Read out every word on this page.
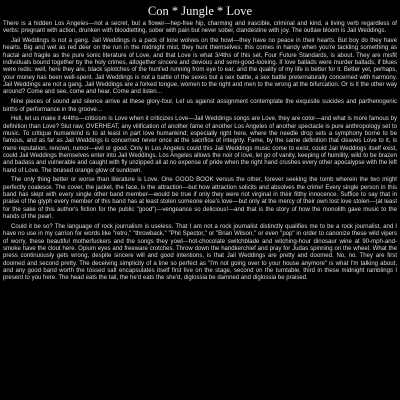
Con * Jungle * Love

There is a hidden Los Angeles—not a secret, but a flower—hep-free hip, charming and irascible, criminal and kind, a living verb regardless of verbs: pregnant with action, drunken with bloodletting, sober with pain but never sober, clandestine with joy. The outlaw bloom is Jail Weddings.

Jail Weddings is not a gang. Jail Weddings is a pack of lone wolves on the howl—they have no peace in their hearts. But boy do they have hearts. Big and wet as red deer on the run in the midnight mist, they hunt themselves; this comes in handy when you're tackling something as fractal and fragile as the pure sonic literature of Love, and that Love is what 3/4ths of this set, Four Future Standards, is about. They are misfit individuals bound together by the holy crimes, altogether sincere and devious and semi-good-looking. If love ballads were murder ballads, if blues were redis: well, here they are, black splotches of the hunt'ed running from eye to ear, and the quality of my life is better for it. Better yet, perhaps, your money has been well-spent. Jail Weddings is not a battle of the sexes but a sex battle, a sex battle preternaturally concerned with harmony. Jail Weddings are not a gang. Jail Weddings are a forked tongue, women to the right and men to the wrong at the bifurcation. Or is it the other way around? Come and see, come and hear. Come and listen…

Nine pieces of sound and silence arrive at these glory-four. Let us against assignment contemplate the exquisite suicides and parthenogenic births of performance in the groove…

Hell, let us make it 4/4ths—criticism is Love when it criticizes Love—Jail Weddings songs are Love, they are color—and what is more famous by definition than Love? Slut raw, OVERHEAT, any vilification of another fame of another Los Angeles of another spectacle is pure anthropology set to music. To critique humankind is to at least in part love humankind; especially right here, where the needle drop sets a symphony borne to be famous, and as far as Jail Weddings is concerned never once at the sacrifice of integrity. Fame, by the same definition that cleaves Love to it, is mere reputation, renown, rumor—evil or good. Only in Los Angeles could this Jail Weddings music come to exist, could Jail Weddings itself exist, could Jail Weddings themselves enter into Jail Weddings. Los Angeles allows the noir of love, let go of vanity, keeping of humility, wild to be brazen and badass and vulnerable and caught with fly unzipped all at no expense of pride when the right hand crushes every other apocalypse with the left hand of Love. The bruised orange glow of sundown.

The only thing better or worse than literature is Love. One GOOD BOOK versus the other, forever seeking the tomb wherein the two might perfectly coalesce. The cover, the jacket, the face, is the attraction—but how attraction solicits and absolves the crime! Every single person in this band has slept with every single other band member—would be true if only they were not virginal in their filthy innocence. Suffice to say that in praise of the glyph every member of this band has at least stolen someone else's love—but only at the mercy of their own lost love stolen—(at least for the sake of this author's fiction for the public "good")—vengeance so delicious!—and that is the story of how the monolith gave music to the hands of the pearl.

Could it be so? The language of rock journalism is useless. That I am not a rock journalist distinctly qualifies me to be a rock journalist, and I have no use in my carrion for words like "retro," "throwback," "Phil Spector," or "Brian Wilson," or even "pop" in order to canonize these wild vipers of worry, these beautiful motherfuckers and the songs they yowl—hot-chocolate switchblade and witching-hour dinosaur wine at 90-mph-and-smoke have the clout here. Opium eyes and freeware crotches. Throw down the handkerchief and pray for Judas spinning on the wheel. What the press continuously gets wrong, despite sincere will and good intentions, is that Jail Weddings are pretty and doomed. No, no. They are first doomed and second pretty. The deceiving simplicity of a line so perfect as "I'm not going over to your house anymore" is what I'm talking about, and any good band worth the tossed salt encapsulates itself first live on the stage, second on the turntable, third in these midnight ramblings I present to you here. The head eats the tail, the he'd eats the she'd, diglossia be damned and diglossia be praised.
